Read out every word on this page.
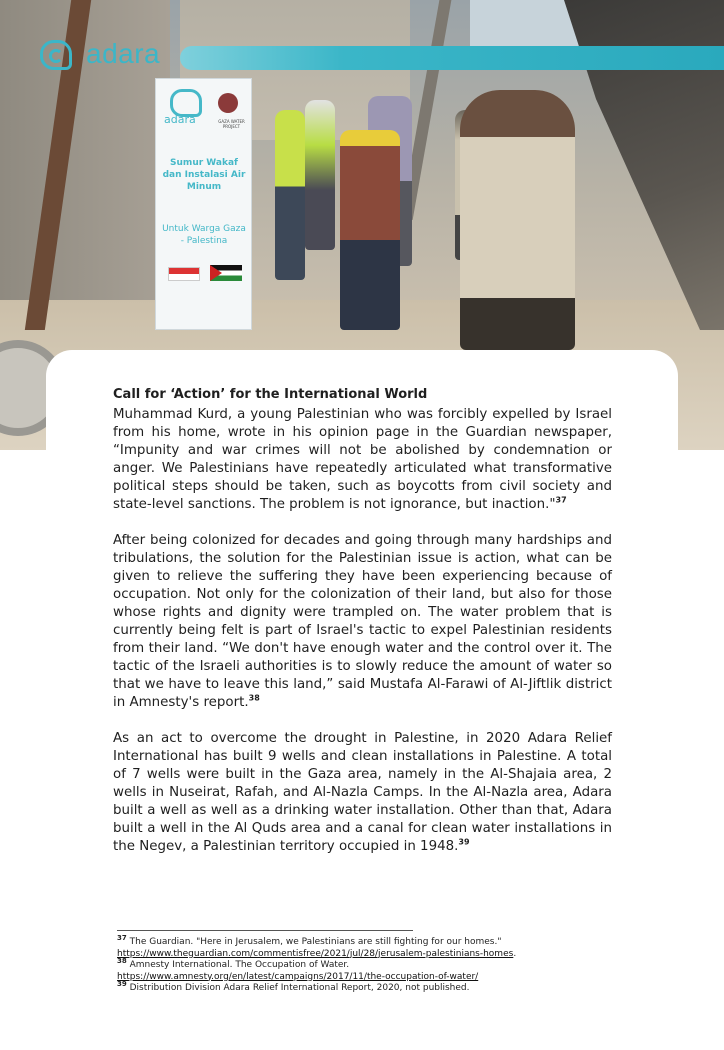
adara	GAZA WATER PROJECT
Sumur Wakaf dan Instalasi Air Minum
Untuk Warga Gaza - Palestina
adara
Call for ‘Action’ for the International World

Muhammad Kurd, a young Palestinian who was forcibly expelled by Israel from his home, wrote in his opinion page in the Guardian newspaper, “Impunity and war crimes will not be abolished by condemnation or anger. We Palestinians have repeatedly articulated what transformative political steps should be taken, such as boycotts from civil society and state-level sanctions. The problem is not ignorance, but inaction."$^{37}$

After being colonized for decades and going through many hardships and tribulations, the solution for the Palestinian issue is action, what can be given to relieve the suffering they have been experiencing because of occupation. Not only for the colonization of their land, but also for those whose rights and dignity were trampled on. The water problem that is currently being felt is part of Israel's tactic to expel Palestinian residents from their land. “We don't have enough water and the control over it. The tactic of the Israeli authorities is to slowly reduce the amount of water so that we have to leave this land,” said Mustafa Al-Farawi of Al-Jiftlik district in Amnesty's report.$^{38}$

As an act to overcome the drought in Palestine, in 2020 Adara Relief International has built 9 wells and clean installations in Palestine. A total of 7 wells were built in the Gaza area, namely in the Al-Shajaia area, 2 wells in Nuseirat, Rafah, and Al-Nazla Camps. In the Al-Nazla area, Adara built a well as well as a drinking water installation. Other than that, Adara built a well in the Al Quds area and a canal for clean water installations in the Negev, a Palestinian territory occupied in 1948.39

$^{37}$ The Guardian. "Here in Jerusalem, we Palestinians are still fighting for our homes."
https://www.theguardian.com/commentisfree/2021/jul/28/jerusalem-palestinians-homes.
$^{38}$ Amnesty International. The Occupation of Water.
https://www.amnesty.org/en/latest/campaigns/2017/11/the-occupation-of-water/
$^{39}$ Distribution Division Adara Relief International Report, 2020, not published.
